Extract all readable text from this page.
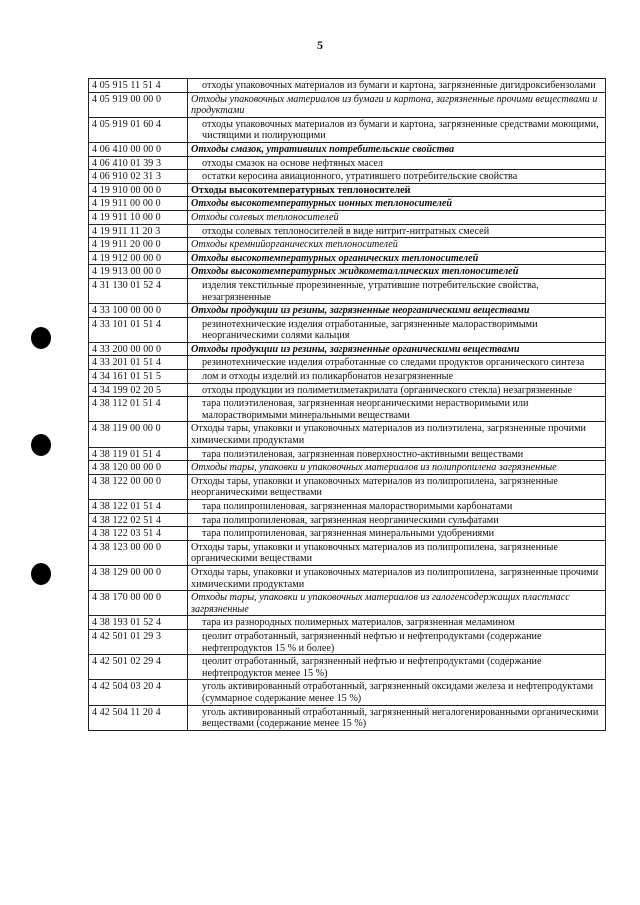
5
4 05 915 11 51 4	отходы упаковочных материалов из бумаги и картона, загрязненные дигидроксибензолами
4 05 919 00 00 0	Отходы упаковочных материалов из бумаги и картона, загрязненные прочими веществами и продуктами
4 05 919 01 60 4	отходы упаковочных материалов из бумаги и картона, загрязненные средствами моющими, чистящими и полирующими
4 06 410 00 00 0	Отходы смазок, утративших потребительские свойства
4 06 410 01 39 3	отходы смазок на основе нефтяных масел
4 06 910 02 31 3	остатки керосина авиационного, утратившего потребительские свойства
4 19 910 00 00 0	Отходы высокотемпературных теплоносителей
4 19 911 00 00 0	Отходы высокотемпературных ионных теплоносителей
4 19 911 10 00 0	Отходы солевых теплоносителей
4 19 911 11 20 3	отходы солевых теплоносителей в виде нитрит-нитратных смесей
4 19 911 20 00 0	Отходы кремнийорганических теплоносителей
4 19 912 00 00 0	Отходы высокотемпературных органических теплоносителей
4 19 913 00 00 0	Отходы высокотемпературных жидкометаллических теплоносителей
4 31 130 01 52 4	изделия текстильные прорезиненные, утратившие потребительские свойства, незагрязненные
4 33 100 00 00 0	Отходы продукции из резины, загрязненные неорганическими веществами
4 33 101 01 51 4	резинотехнические изделия отработанные, загрязненные малорастворимыми неорганическими солями кальция
4 33 200 00 00 0	Отходы продукции из резины, загрязненные органическими веществами
4 33 201 01 51 4	резинотехнические изделия отработанные со следами продуктов органического синтеза
4 34 161 01 51 5	лом и отходы изделий из поликарбонатов незагрязненные
4 34 199 02 20 5	отходы продукции из полиметилметакрилата (органического стекла) незагрязненные
4 38 112 01 51 4	тара полиэтиленовая, загрязненная неорганическими нерастворимыми или малорастворимыми минеральными веществами
4 38 119 00 00 0	Отходы тары, упаковки и упаковочных материалов из полиэтилена, загрязненные прочими химическими продуктами
4 38 119 01 51 4	тара полиэтиленовая, загрязненная поверхностно-активными веществами
4 38 120 00 00 0	Отходы тары, упаковки и упаковочных материалов из полипропилена загрязненные
4 38 122 00 00 0	Отходы тары, упаковки и упаковочных материалов из полипропилена, загрязненные неорганическими веществами
4 38 122 01 51 4	тара полипропиленовая, загрязненная малорастворимыми карбонатами
4 38 122 02 51 4	тара полипропиленовая, загрязненная неорганическими сульфатами
4 38 122 03 51 4	тара полипропиленовая, загрязненная минеральными удобрениями
4 38 123 00 00 0	Отходы тары, упаковки и упаковочных материалов из полипропилена, загрязненные органическими веществами
4 38 129 00 00 0	Отходы тары, упаковки и упаковочных материалов из полипропилена, загрязненные прочими химическими продуктами
4 38 170 00 00 0	Отходы тары, упаковки и упаковочных материалов из галогенсодержащих пластмасс загрязненные
4 38 193 01 52 4	тара из разнородных полимерных материалов, загрязненная меламином
4 42 501 01 29 3	цеолит отработанный, загрязненный нефтью и нефтепродуктами (содержание нефтепродуктов 15 % и более)
4 42 501 02 29 4	цеолит отработанный, загрязненный нефтью и нефтепродуктами (содержание нефтепродуктов менее 15 %)
4 42 504 03 20 4	уголь активированный отработанный, загрязненный оксидами железа и нефтепродуктами (суммарное содержание менее 15 %)
4 42 504 11 20 4	уголь активированный отработанный, загрязненный негалогенированными органическими веществами (содержание менее 15 %)
